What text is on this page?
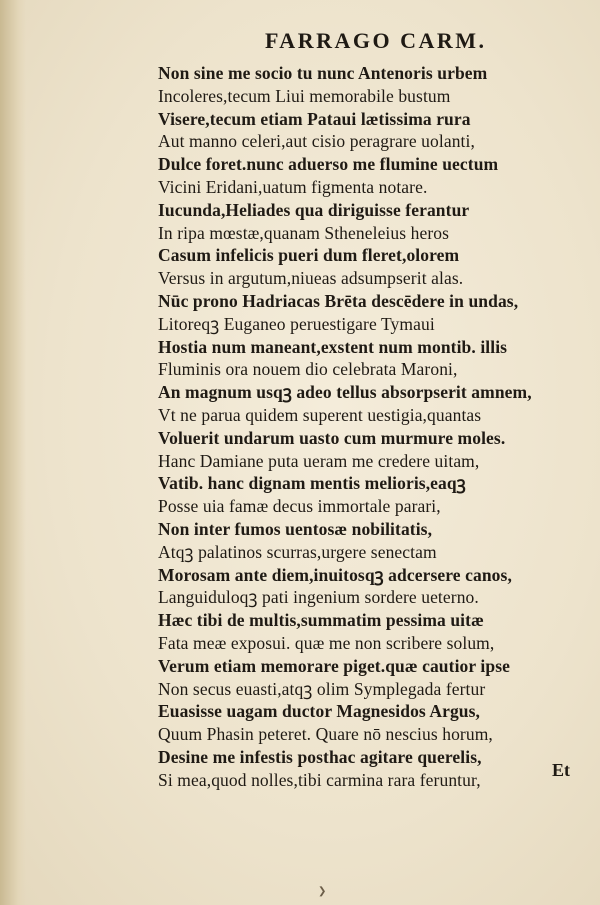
FARRAGO CARM.
Non sine me socio tu nunc Antenoris urbem
Incoleres,tecum Liui memorabile bustum
Visere,tecum etiam Pataui lætissima rura
Aut manno celeri,aut cisio peragrare uolanti,
Dulce foret.nunc aduerso me flumine uectum
Vicini Eridani,uatum figmenta notare.
Iucunda,Heliades qua diriguisse ferantur
In ripa mœstæ,quanam Stheneleius heros
Casum infelicis pueri dum fleret,olorem
Versus in argutum,niueas adsumpserit alas.
Nūc prono Hadriacas Brēta descēdere in undas,
Litoreqꝫ Euganeo peruestigare Tymaui
Hostia num maneant,exstent num montib. illis
Fluminis ora nouem dio celebrata Maroni,
An magnum usqꝫ adeo tellus absorpserit amnem,
Vt ne parua quidem superent uestigia,quantas
Voluerit undarum uasto cum murmure moles.
Hanc Damiane puta ueram me credere uitam,
Vatib. hanc dignam mentis melioris,eaqꝫ
Posse uia famæ decus immortale parari,
Non inter fumos uentosæ nobilitatis,
Atqꝫ palatinos scurras,urgere senectam
Morosam ante diem,inuitosqꝫ adcersere canos,
Languiduloqꝫ pati ingenium sordere ueterno.
Hæc tibi de multis,summatim pessima uitæ
Fata meæ exposui. quæ me non scribere solum,
Verum etiam memorare piget.quæ cautior ipse
Non secus euasti,atqꝫ olim Symplegada fertur
Euasisse uagam ductor Magnesidos Argus,
Quum Phasin peteret. Quare nō nescius horum,
Desine me infestis posthac agitare querelis,
Si mea,quod nolles,tibi carmina rara feruntur,	Et
❯
